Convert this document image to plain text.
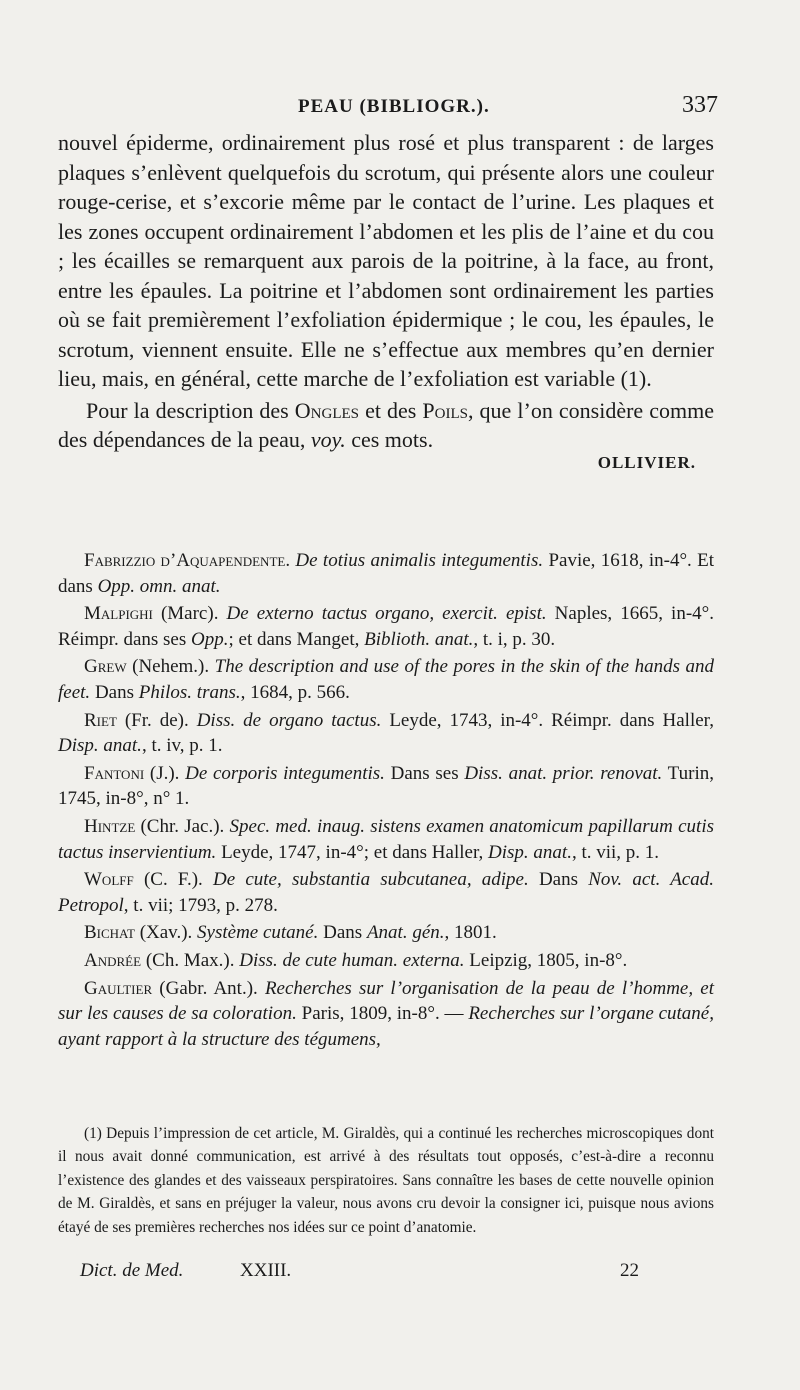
PEAU (BIBLIOGR.).	337

nouvel épiderme, ordinairement plus rosé et plus transparent : de larges plaques s’enlèvent quelquefois du scrotum, qui présente alors une couleur rouge-cerise, et s’excorie même par le contact de l’urine. Les plaques et les zones occupent ordinairement l’abdomen et les plis de l’aine et du cou ; les écailles se remarquent aux parois de la poitrine, à la face, au front, entre les épaules. La poitrine et l’abdomen sont ordinairement les parties où se fait premièrement l’exfoliation épidermique ; le cou, les épaules, le scrotum, viennent ensuite. Elle ne s’effectue aux membres qu’en dernier lieu, mais, en général, cette marche de l’exfoliation est variable (1).

Pour la description des Ongles et des Poils, que l’on considère comme des dépendances de la peau, voy. ces mots.

OLLIVIER.

Fabrizzio d’Aquapendente. De totius animalis integumentis. Pavie, 1618, in-4°. Et dans Opp. omn. anat.

Malpighi (Marc). De externo tactus organo, exercit. epist. Naples, 1665, in-4°. Réimpr. dans ses Opp.; et dans Manget, Biblioth. anat., t. i, p. 30.

Grew (Nehem.). The description and use of the pores in the skin of the hands and feet. Dans Philos. trans., 1684, p. 566.

Riet (Fr. de). Diss. de organo tactus. Leyde, 1743, in-4°. Réimpr. dans Haller, Disp. anat., t. iv, p. 1.

Fantoni (J.). De corporis integumentis. Dans ses Diss. anat. prior. renovat. Turin, 1745, in-8°, n° 1.

Hintze (Chr. Jac.). Spec. med. inaug. sistens examen anatomicum papillarum cutis tactus inservientium. Leyde, 1747, in-4°; et dans Haller, Disp. anat., t. vii, p. 1.

Wolff (C. F.). De cute, substantia subcutanea, adipe. Dans Nov. act. Acad. Petropol, t. vii; 1793, p. 278.

Bichat (Xav.). Système cutané. Dans Anat. gén., 1801.

Andrée (Ch. Max.). Diss. de cute human. externa. Leipzig, 1805, in-8°.

Gaultier (Gabr. Ant.). Recherches sur l’organisation de la peau de l’homme, et sur les causes de sa coloration. Paris, 1809, in-8°. — Recherches sur l’organe cutané, ayant rapport à la structure des tégumens,

(1) Depuis l’impression de cet article, M. Giraldès, qui a continué les recherches microscopiques dont il nous avait donné communication, est arrivé à des résultats tout opposés, c’est-à-dire a reconnu l’existence des glandes et des vaisseaux perspiratoires. Sans connaître les bases de cette nouvelle opinion de M. Giraldès, et sans en préjuger la valeur, nous avons cru devoir la consigner ici, puisque nous avions étayé de ses premières recherches nos idées sur ce point d’anatomie.

Dict. de Med.	XXIII.	22
